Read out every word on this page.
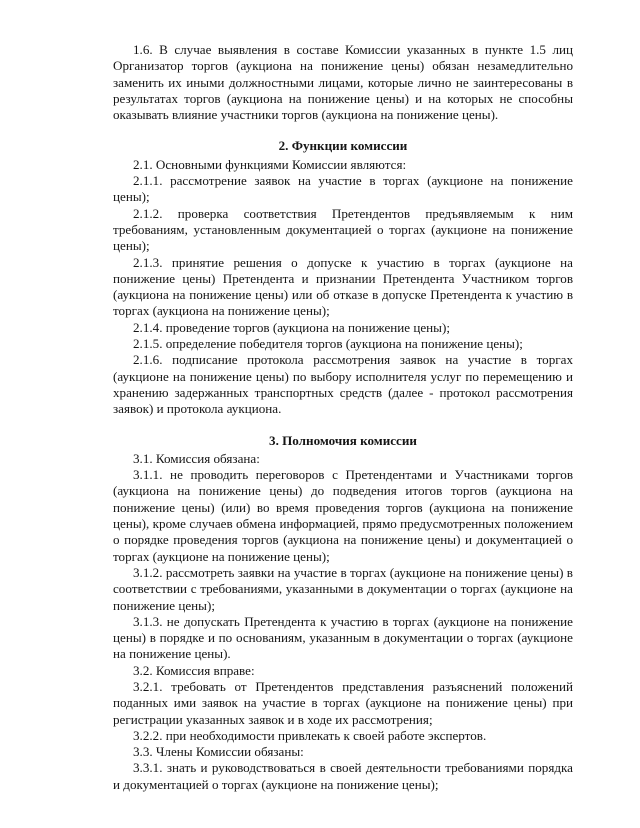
1.6. В случае выявления в составе Комиссии указанных в пункте 1.5 лиц Организатор торгов (аукциона на понижение цены) обязан незамедлительно заменить их иными должностными лицами, которые лично не заинтересованы в результатах торгов (аукциона на понижение цены) и на которых не способны оказывать влияние участники торгов (аукциона на понижение цены).
2. Функции комиссии
2.1. Основными функциями Комиссии являются:
2.1.1. рассмотрение заявок на участие в торгах (аукционе на понижение цены);
2.1.2. проверка соответствия Претендентов предъявляемым к ним требованиям, установленным документацией о торгах (аукционе на понижение цены);
2.1.3. принятие решения о допуске к участию в торгах (аукционе на понижение цены) Претендента и признании Претендента Участником торгов (аукциона на понижение цены) или об отказе в допуске Претендента к участию в торгах (аукциона на понижение цены);
2.1.4. проведение торгов (аукциона на понижение цены);
2.1.5. определение победителя торгов (аукциона на понижение цены);
2.1.6. подписание протокола рассмотрения заявок на участие в торгах (аукционе на понижение цены) по выбору исполнителя услуг по перемещению и хранению задержанных транспортных средств (далее - протокол рассмотрения заявок) и протокола аукциона.
3. Полномочия комиссии
3.1. Комиссия обязана:
3.1.1. не проводить переговоров с Претендентами и Участниками торгов (аукциона на понижение цены) до подведения итогов торгов (аукциона на понижение цены) (или) во время проведения торгов (аукциона на понижение цены), кроме случаев обмена информацией, прямо предусмотренных положением о порядке проведения торгов (аукциона на понижение цены) и документацией о торгах (аукционе на понижение цены);
3.1.2. рассмотреть заявки на участие в торгах (аукционе на понижение цены) в соответствии с требованиями, указанными в документации о торгах (аукционе на понижение цены);
3.1.3. не допускать Претендента к участию в торгах (аукционе на понижение цены) в порядке и по основаниям, указанным в документации о торгах (аукционе на понижение цены).
3.2. Комиссия вправе:
3.2.1. требовать от Претендентов представления разъяснений положений поданных ими заявок на участие в торгах (аукционе на понижение цены) при регистрации указанных заявок и в ходе их рассмотрения;
3.2.2. при необходимости привлекать к своей работе экспертов.
3.3. Члены Комиссии обязаны:
3.3.1. знать и руководствоваться в своей деятельности требованиями порядка и документацией о торгах (аукционе на понижение цены);
